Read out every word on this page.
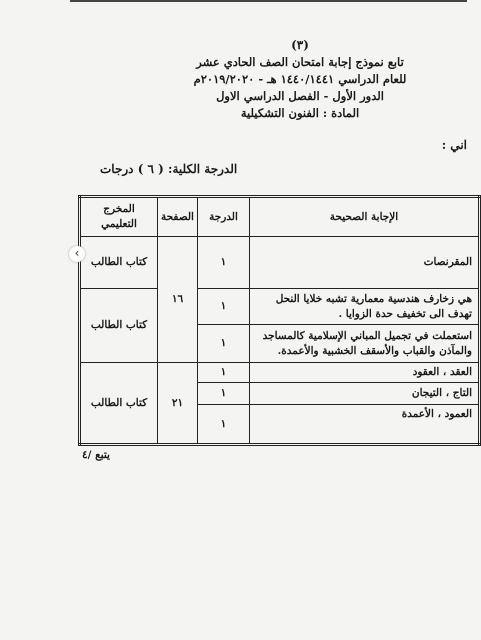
(٣)
تابع نموذج إجابة امتحان الصف الحادي عشر
للعام الدراسي ١٤٤٠/١٤٤١ هـ - ٢٠١٩/٢٠٢٠م
الدور الأول - الفصل الدراسي الاول
المادة : الفنون التشكيلية
اني :
الدرجة الكلية: ( ٦ ) درجات
الإجابة الصحيحة	الدرجة	الصفحة	المخرج التعليمي
المقرنصات	١	١٦	كتاب الطالب
هي زخارف هندسية معمارية تشبه خلايا النحل تهدف الى تخفيف حدة الزوايا .	١		كتاب الطالب
استعملت في تجميل المباني الإسلامية كالمساجد والمآذن والقباب والأسقف الخشبية والأعمدة.	١		
العقد ، العقود	١	٢١	كتاب الطالب
التاج ، التيجان	١		
العمود ، الأعمدة	١		
‹
يتبع /٤
